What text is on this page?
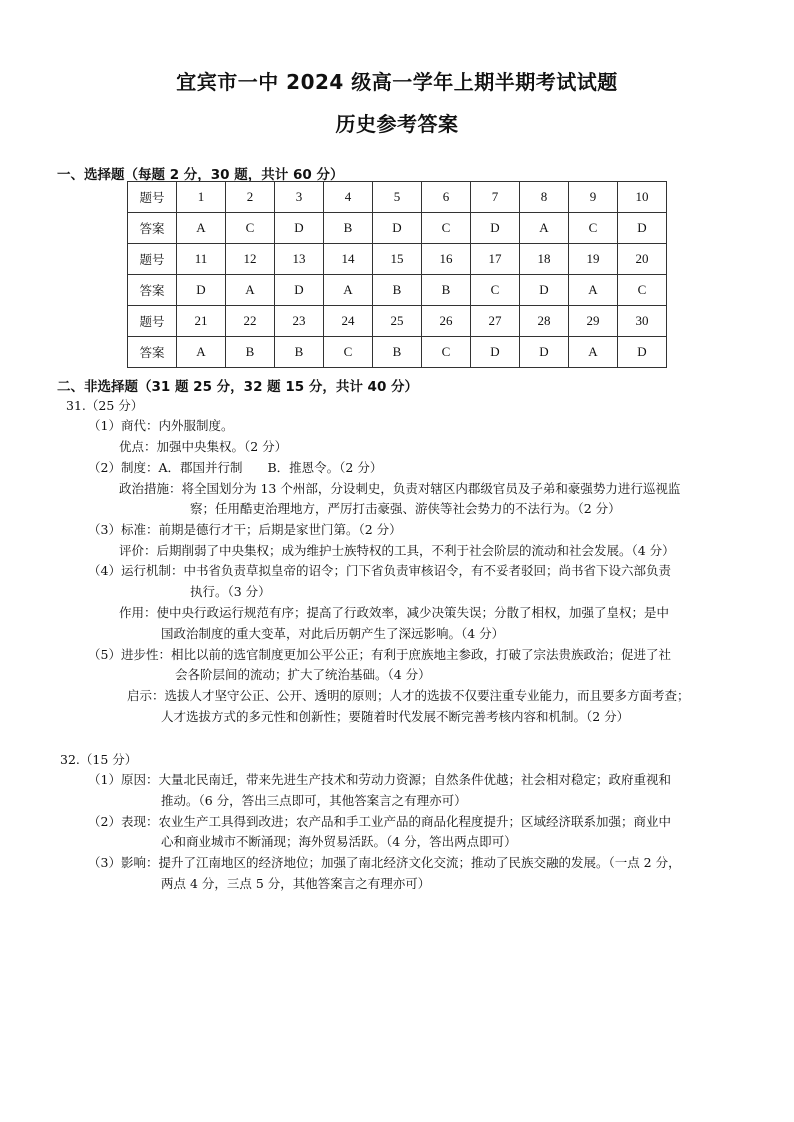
宜宾市一中 2024 级高一学年上期半期考试试题
历史参考答案
一、选择题（每题 2 分，30 题，共计 60 分）
题号	1	2	3	4	5	6	7	8	9	10
答案	A	C	D	B	D	C	D	A	C	D
题号	11	12	13	14	15	16	17	18	19	20
答案	D	A	D	A	B	B	C	D	A	C
题号	21	22	23	24	25	26	27	28	29	30
答案	A	B	B	C	B	C	D	D	A	D
二、非选择题（31 题 25 分，32 题 15 分，共计 40 分）
31.（25 分）
（1）商代：内外服制度。
优点：加强中央集权。（2 分）
（2）制度：A．郡国并行制　　B．推恩令。（2 分）
政治措施：将全国划分为 13 个州部，分设刺史，负责对辖区内郡级官员及子弟和豪强势力进行巡视监
察；任用酷吏治理地方，严厉打击豪强、游侠等社会势力的不法行为。（2 分）
（3）标准：前期是德行才干；后期是家世门第。（2 分）
评价：后期削弱了中央集权；成为维护士族特权的工具，不利于社会阶层的流动和社会发展。（4 分）
（4）运行机制：中书省负责草拟皇帝的诏令；门下省负责审核诏令，有不妥者驳回；尚书省下设六部负责
执行。（3 分）
作用：使中央行政运行规范有序；提高了行政效率，减少决策失误；分散了相权，加强了皇权；是中
国政治制度的重大变革，对此后历朝产生了深远影响。（4 分）
（5）进步性：相比以前的选官制度更加公平公正；有利于庶族地主参政，打破了宗法贵族政治；促进了社
会各阶层间的流动；扩大了统治基础。（4 分）
启示：选拔人才坚守公正、公开、透明的原则；人才的选拔不仅要注重专业能力，而且要多方面考查；
人才选拔方式的多元性和创新性；要随着时代发展不断完善考核内容和机制。（2 分）
32.（15 分）
（1）原因：大量北民南迁，带来先进生产技术和劳动力资源；自然条件优越；社会相对稳定；政府重视和
推动。（6 分，答出三点即可，其他答案言之有理亦可）
（2）表现：农业生产工具得到改进；农产品和手工业产品的商品化程度提升；区域经济联系加强；商业中
心和商业城市不断涌现；海外贸易活跃。（4 分，答出两点即可）
（3）影响：提升了江南地区的经济地位；加强了南北经济文化交流；推动了民族交融的发展。（一点 2 分，
两点 4 分，三点 5 分，其他答案言之有理亦可）
